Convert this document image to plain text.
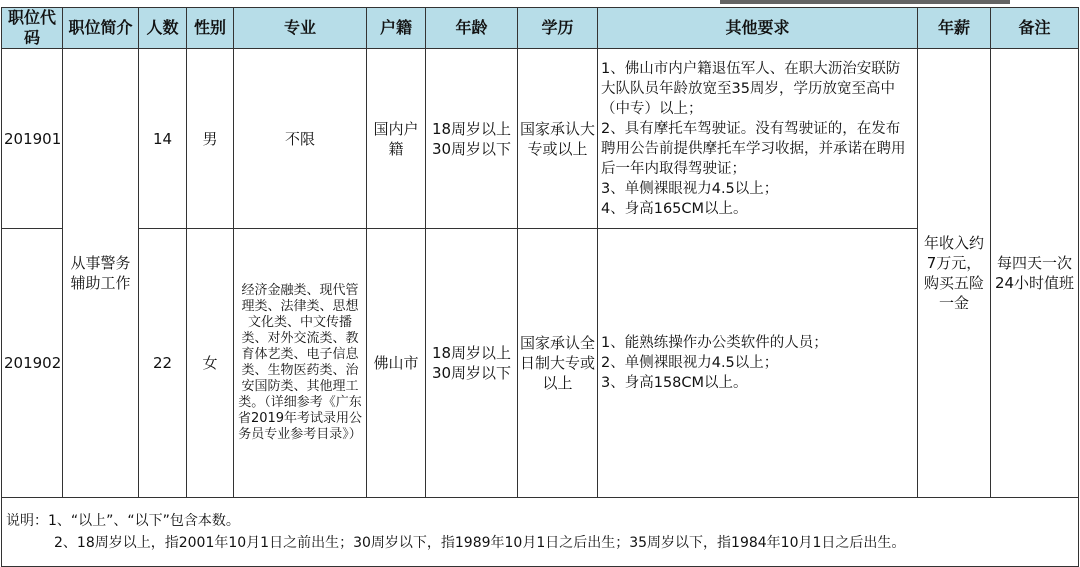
职位代码	职位简介	人数	性别	专业	户籍	年龄	学历	其他要求	年薪	备注
201901	从事警务辅助工作	14	男	不限	国内户籍	18周岁以上30周岁以下	国家承认大专或以上	1、佛山市内户籍退伍军人、在职大沥治安联防大队队员年龄放宽至35周岁，学历放宽至高中（中专）以上；
2、具有摩托车驾驶证。没有驾驶证的，在发布聘用公告前提供摩托车学习收据，并承诺在聘用后一年内取得驾驶证；
3、单侧裸眼视力4.5以上；
4、身高165CM以上。	年收入约7万元，购买五险一金	每四天一次24小时值班
201902		22	女	经济金融类、现代管理类、法律类、思想文化类、中文传播类、对外交流类、教育体艺类、电子信息类、生物医药类、治安国防类、其他理工类。（详细参考《广东省2019年考试录用公务员专业参考目录》）	佛山市	18周岁以上30周岁以下	国家承认全日制大专或以上	1、能熟练操作办公类软件的人员；
2、单侧裸眼视力4.5以上；
3、身高158CM以上。		

说明：1、“以上”、“以下”包含本数。
2、18周岁以上，指2001年10月1日之前出生；30周岁以下，指1989年10月1日之后出生；35周岁以下，指1984年10月1日之后出生。										
